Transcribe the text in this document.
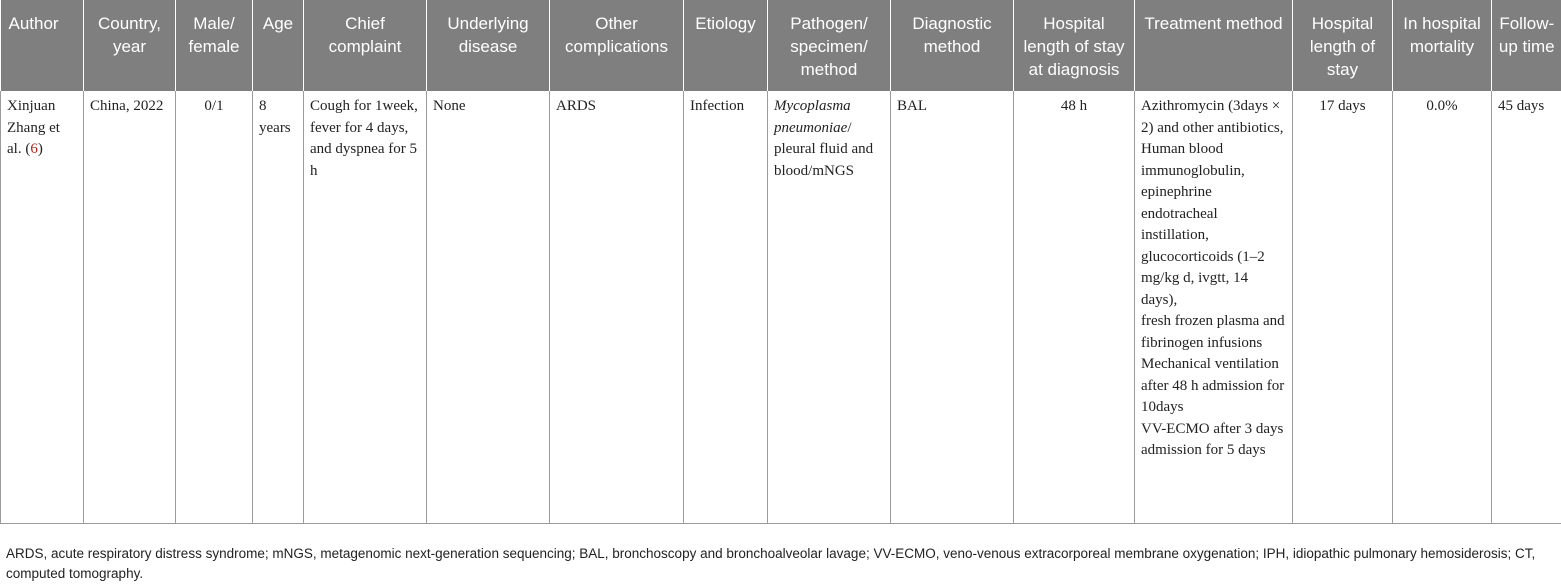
Author	Country, year	Male/ female	Age	Chief complaint	Underlying disease	Other complications	Etiology	Pathogen/ specimen/ method	Diagnostic method	Hospital length of stay at diagnosis	Treatment method	Hospital length of stay	In hospital mortality	Follow-up time
Xinjuan Zhang et al. (6)	China, 2022	0/1	8 years	Cough for 1week, fever for 4 days, and dyspnea for 5 h	None	ARDS	Infection	Mycoplasma pneumoniae/ pleural fluid and blood/mNGS	BAL	48 h	Azithromycin (3days × 2) and other antibiotics,
Human blood immunoglobulin, epinephrine endotracheal instillation, glucocorticoids (1–2 mg/kg d, ivgtt, 14 days),
fresh frozen plasma and fibrinogen infusions
Mechanical ventilation after 48 h admission for 10days
VV-ECMO after 3 days admission for 5 days	17 days	0.0%	45 days
ARDS, acute respiratory distress syndrome; mNGS, metagenomic next-generation sequencing; BAL, bronchoscopy and bronchoalveolar lavage; VV-ECMO, veno-venous extracorporeal membrane oxygenation; IPH, idiopathic pulmonary hemosiderosis; CT, computed tomography.
